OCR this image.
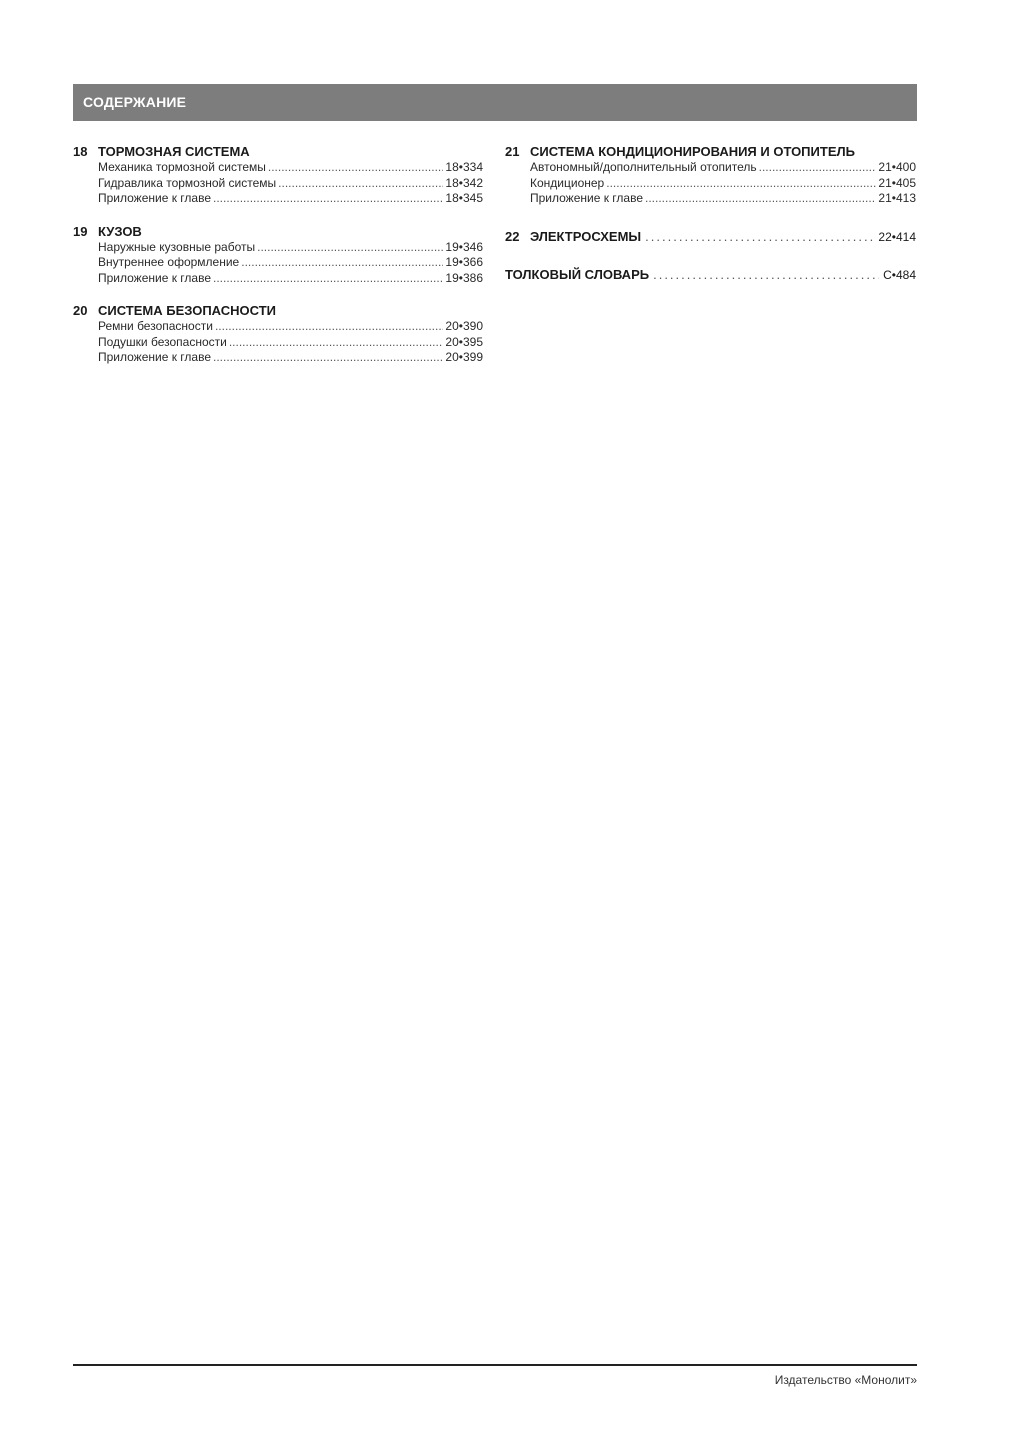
СОДЕРЖАНИЕ
18 ТОРМОЗНАЯ СИСТЕМА
Механика тормозной системы .....	18•334
Гидравлика тормозной системы .....	18•342
Приложение к главе .....	18•345
19 КУЗОВ
Наружные кузовные работы .....	19•346
Внутреннее оформление .....	19•366
Приложение к главе .....	19•386
20 СИСТЕМА БЕЗОПАСНОСТИ
Ремни безопасности .....	20•390
Подушки безопасности .....	20•395
Приложение к главе .....	20•399
21 СИСТЕМА КОНДИЦИОНИРОВАНИЯ И ОТОПИТЕЛЬ
Автономный/дополнительный отопитель .....	21•400
Кондиционер .....	21•405
Приложение к главе .....	21•413
22 ЭЛЕКТРОСХЕМЫ .....	22•414
ТОЛКОВЫЙ СЛОВАРЬ .....	С•484
Издательство «Монолит»
